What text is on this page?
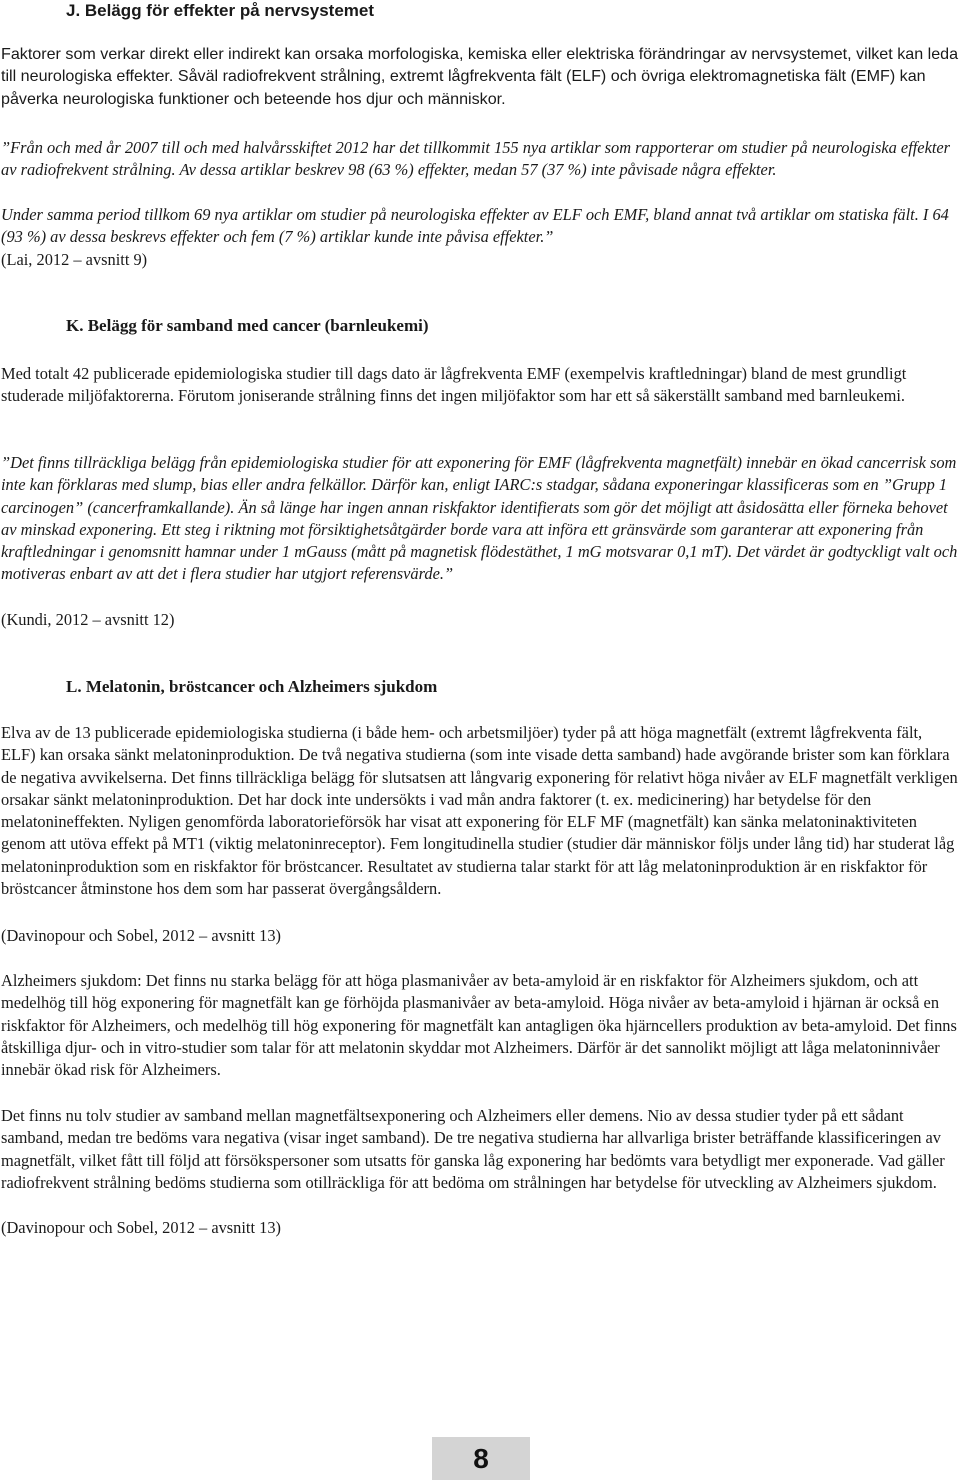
J. Belägg för effekter på nervsystemet

Faktorer som verkar direkt eller indirekt kan orsaka morfologiska, kemiska eller elektriska förändringar av nervsystemet, vilket kan leda till neurologiska effekter. Såväl radiofrekvent strålning, extremt lågfrekventa fält (ELF) och övriga elektromagnetiska fält (EMF) kan påverka neurologiska funktioner och beteende hos djur och människor.

”Från och med år 2007 till och med halvårsskiftet 2012 har det tillkommit 155 nya artiklar som rapporterar om studier på neurologiska effekter av radiofrekvent strålning. Av dessa artiklar beskrev 98 (63 %) effekter, medan 57 (37 %) inte påvisade några effekter.

Under samma period tillkom 69 nya artiklar om studier på neurologiska effekter av ELF och EMF, bland annat två artiklar om statiska fält. I 64 (93 %) av dessa beskrevs effekter och fem (7 %) artiklar kunde inte påvisa effekter.”

(Lai, 2012 – avsnitt 9)

K. Belägg för samband med cancer (barnleukemi)

Med totalt 42 publicerade epidemiologiska studier till dags dato är lågfrekventa EMF (exempelvis kraftledningar) bland de mest grundligt studerade miljöfaktorerna. Förutom joniserande strålning finns det ingen miljöfaktor som har ett så säkerställt samband med barnleukemi.

”Det finns tillräckliga belägg från epidemiologiska studier för att exponering för EMF (lågfrekventa magnetfält) innebär en ökad cancerrisk som inte kan förklaras med slump, bias eller andra felkällor. Därför kan, enligt IARC:s stadgar, sådana exponeringar klassificeras som en ”Grupp 1 carcinogen” (cancerframkallande). Än så länge har ingen annan riskfaktor identifierats som gör det möjligt att åsidosätta eller förneka behovet av minskad exponering. Ett steg i riktning mot försiktighetsåtgärder borde vara att införa ett gränsvärde som garanterar att exponering från kraftledningar i genomsnitt hamnar under 1 mGauss (mått på magnetisk flödestäthet, 1 mG motsvarar 0,1 mT). Det värdet är godtyckligt valt och motiveras enbart av att det i flera studier har utgjort referensvärde.”

(Kundi, 2012 – avsnitt 12)

L. Melatonin, bröstcancer och Alzheimers sjukdom

Elva av de 13 publicerade epidemiologiska studierna (i både hem- och arbetsmiljöer) tyder på att höga magnetfält (extremt lågfrekventa fält, ELF) kan orsaka sänkt melatoninproduktion. De två negativa studierna (som inte visade detta samband) hade avgörande brister som kan förklara de negativa avvikelserna. Det finns tillräckliga belägg för slutsatsen att långvarig exponering för relativt höga nivåer av ELF magnetfält verkligen orsakar sänkt melatoninproduktion. Det har dock inte undersökts i vad mån andra faktorer (t. ex. medicinering) har betydelse för den melatonineffekten. Nyligen genomförda laboratorieförsök har visat att exponering för ELF MF (magnetfält) kan sänka melatoninaktiviteten genom att utöva effekt på MT1 (viktig melatoninreceptor). Fem longitudinella studier (studier där människor följs under lång tid) har studerat låg melatoninproduktion som en riskfaktor för bröstcancer. Resultatet av studierna talar starkt för att låg melatoninproduktion är en riskfaktor för bröstcancer åtminstone hos dem som har passerat övergångsåldern.

(Davinopour och Sobel, 2012 – avsnitt 13)

Alzheimers sjukdom: Det finns nu starka belägg för att höga plasmanivåer av beta-amyloid är en riskfaktor för Alzheimers sjukdom, och att medelhög till hög exponering för magnetfält kan ge förhöjda plasmanivåer av beta-amyloid. Höga nivåer av beta-amyloid i hjärnan är också en riskfaktor för Alzheimers, och medelhög till hög exponering för magnetfält kan antagligen öka hjärncellers produktion av beta-amyloid. Det finns åtskilliga djur- och in vitro-studier som talar för att melatonin skyddar mot Alzheimers. Därför är det sannolikt möjligt att låga melatoninnivåer innebär ökad risk för Alzheimers.

Det finns nu tolv studier av samband mellan magnetfältsexponering och Alzheimers eller demens. Nio av dessa studier tyder på ett sådant samband, medan tre bedöms vara negativa (visar inget samband). De tre negativa studierna har allvarliga brister beträffande klassificeringen av magnetfält, vilket fått till följd att försökspersoner som utsatts för ganska låg exponering har bedömts vara betydligt mer exponerade. Vad gäller radiofrekvent strålning bedöms studierna som otillräckliga för att bedöma om strålningen har betydelse för utveckling av Alzheimers sjukdom.

(Davinopour och Sobel, 2012 – avsnitt 13)

8
